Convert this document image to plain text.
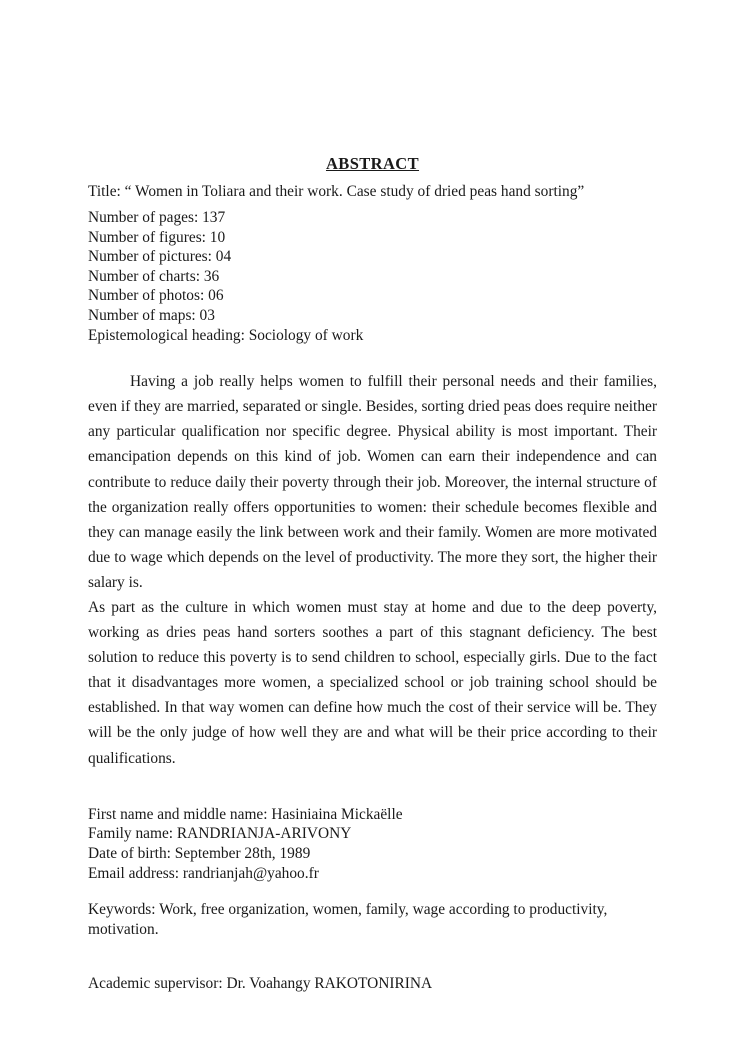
ABSTRACT

Title: “ Women in Toliara and their work. Case study of dried peas hand sorting”

Number of pages: 137

Number of figures: 10

Number of pictures: 04

Number of charts: 36

Number of photos: 06

Number of maps: 03

Epistemological heading: Sociology of work

Having a job really helps women to fulfill their personal needs and their families, even if they are married, separated or single. Besides, sorting dried peas does require neither any particular qualification nor specific degree. Physical ability is most important. Their emancipation depends on this kind of job. Women can earn their independence and can contribute to reduce daily their poverty through their job. Moreover, the internal structure of the organization really offers opportunities to women: their schedule becomes flexible and they can manage easily the link between work and their family. Women are more motivated due to wage which depends on the level of productivity. The more they sort, the higher their salary is.

As part as the culture in which women must stay at home and due to the deep poverty, working as dries peas hand sorters soothes a part of this stagnant deficiency. The best solution to reduce this poverty is to send children to school, especially girls. Due to the fact that it disadvantages more women, a specialized school or job training school should be established. In that way women can define how much the cost of their service will be. They will be the only judge of how well they are and what will be their price according to their qualifications.

First name and middle name: Hasiniaina Mickaëlle

Family name: RANDRIANJA-ARIVONY

Date of birth: September 28th, 1989

Email address: randrianjah@yahoo.fr

Keywords: Work, free organization, women, family, wage according to productivity, motivation.

Academic supervisor: Dr. Voahangy RAKOTONIRINA
